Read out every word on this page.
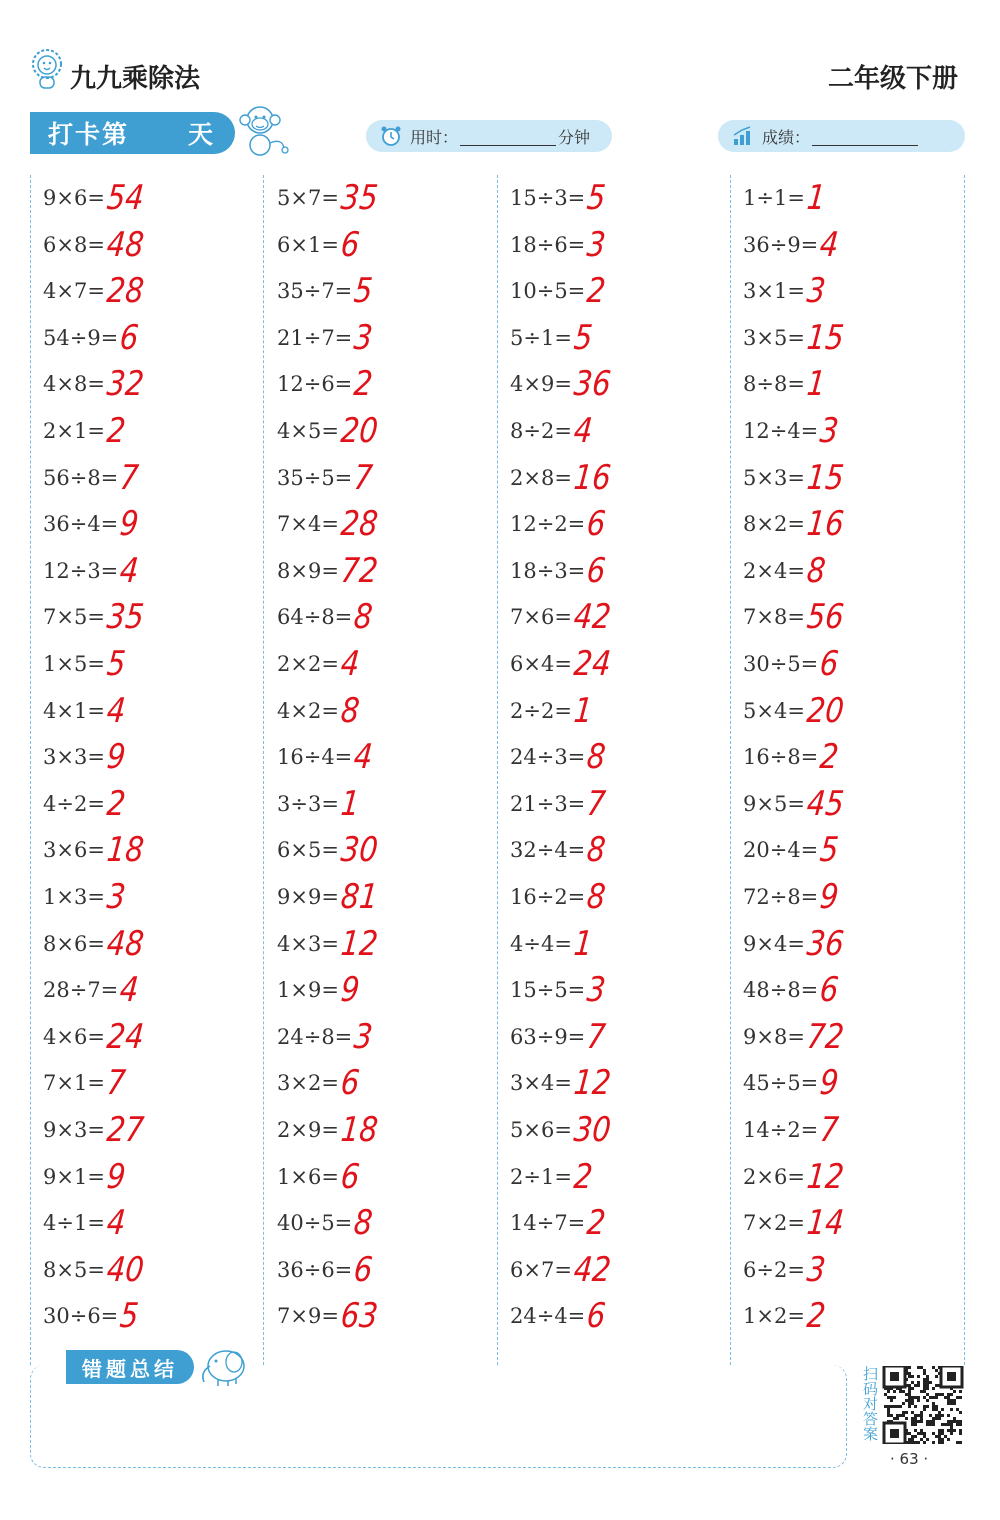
九九乘除法	二年级下册
打卡第 天	用时：	分钟	成绩：
9×6= 54
6×8= 48
4×7= 28
54÷9= 6
4×8= 32
2×1= 2
56÷8= 7
36÷4= 9
12÷3= 4
7×5= 35
1×5= 5
4×1= 4
3×3= 9
4÷2= 2
3×6= 18
1×3= 3
8×6= 48
28÷7= 4
4×6= 24
7×1= 7
9×3= 27
9×1= 9
4÷1= 4
8×5= 40
30÷6= 5
5×7= 35
6×1= 6
35÷7= 5
21÷7= 3
12÷6= 2
4×5= 20
35÷5= 7
7×4= 28
8×9= 72
64÷8= 8
2×2= 4
4×2= 8
16÷4= 4
3÷3= 1
6×5= 30
9×9= 81
4×3= 12
1×9= 9
24÷8= 3
3×2= 6
2×9= 18
1×6= 6
40÷5= 8
36÷6= 6
7×9= 63
15÷3= 5
18÷6= 3
10÷5= 2
5÷1= 5
4×9= 36
8÷2= 4
2×8= 16
12÷2= 6
18÷3= 6
7×6= 42
6×4= 24
2÷2= 1
24÷3= 8
21÷3= 7
32÷4= 8
16÷2= 8
4÷4= 1
15÷5= 3
63÷9= 7
3×4= 12
5×6= 30
2÷1= 2
14÷7= 2
6×7= 42
24÷4= 6
1÷1= 1
36÷9= 4
3×1= 3
3×5= 15
8÷8= 1
12÷4= 3
5×3= 15
8×2= 16
2×4= 8
7×8= 56
30÷5= 6
5×4= 20
16÷8= 2
9×5= 45
20÷4= 5
72÷8= 9
9×4= 36
48÷8= 6
9×8= 72
45÷5= 9
14÷2= 7
2×6= 12
7×2= 14
6÷2= 3
1×2= 2
错题总结	扫码对答案
· 63 ·
